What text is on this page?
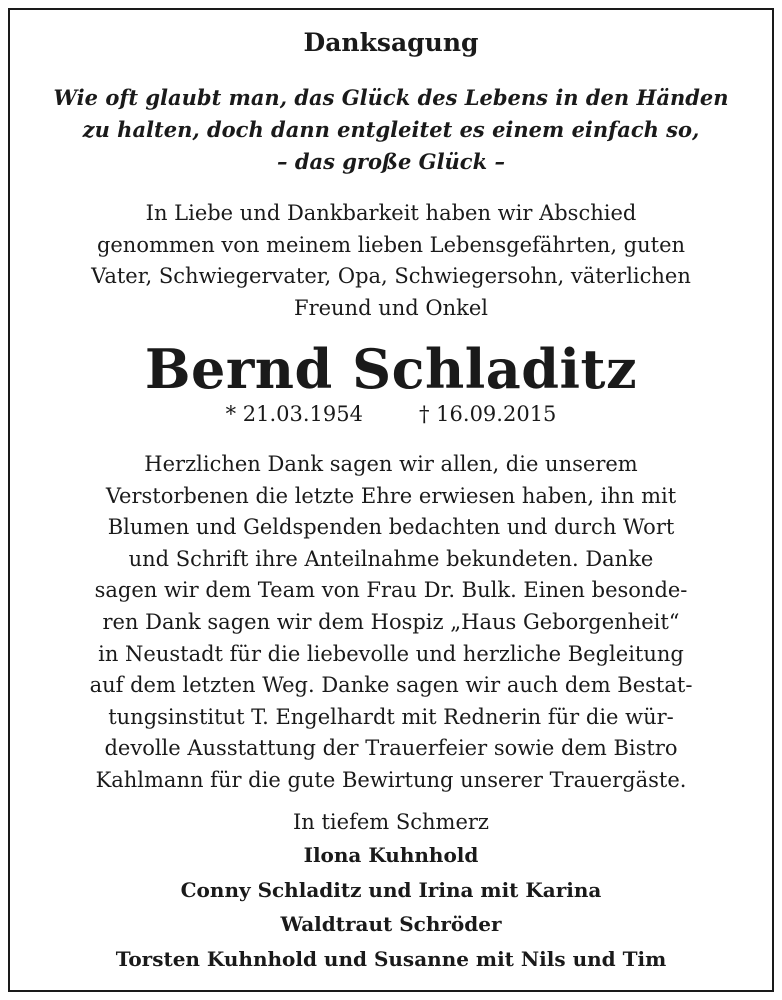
Danksagung
Wie oft glaubt man, das Glück des Lebens in den Händen
zu halten, doch dann entgleitet es einem einfach so,
– das große Glück –
In Liebe und Dankbarkeit haben wir Abschied
genommen von meinem lieben Lebensgefährten, guten
Vater, Schwiegervater, Opa, Schwiegersohn, väterlichen
Freund und Onkel
Bernd Schladitz
* 21.03.1954	† 16.09.2015
Herzlichen Dank sagen wir allen, die unserem
Verstorbenen die letzte Ehre erwiesen haben, ihn mit
Blumen und Geldspenden bedachten und durch Wort
und Schrift ihre Anteilnahme bekundeten. Danke
sagen wir dem Team von Frau Dr. Bulk. Einen besonde-
ren Dank sagen wir dem Hospiz „Haus Geborgenheit“
in Neustadt für die liebevolle und herzliche Begleitung
auf dem letzten Weg. Danke sagen wir auch dem Bestat-
tungsinstitut T. Engelhardt mit Rednerin für die wür-
devolle Ausstattung der Trauerfeier sowie dem Bistro
Kahlmann für die gute Bewirtung unserer Trauergäste.
In tiefem Schmerz
Ilona Kuhnhold
Conny Schladitz und Irina mit Karina
Waldtraut Schröder
Torsten Kuhnhold und Susanne mit Nils und Tim
